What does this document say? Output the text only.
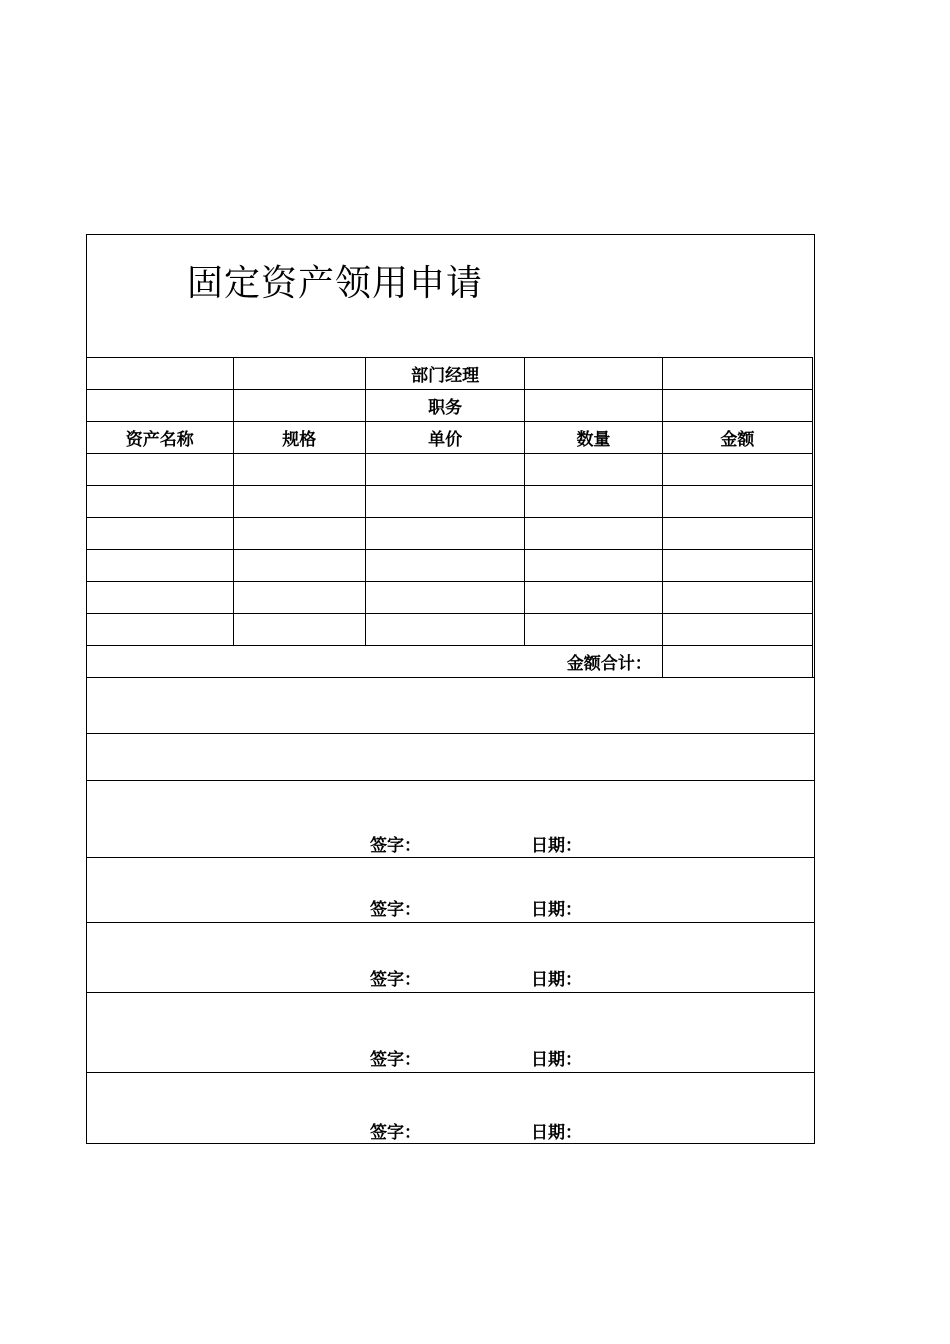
固定资产领用申请
		部门经理		
		职务		
资产名称	规格	单价	数量	金额

金额合计：				
签字：	日期：
签字：	日期：
签字：	日期：
签字：	日期：
签字：	日期：
